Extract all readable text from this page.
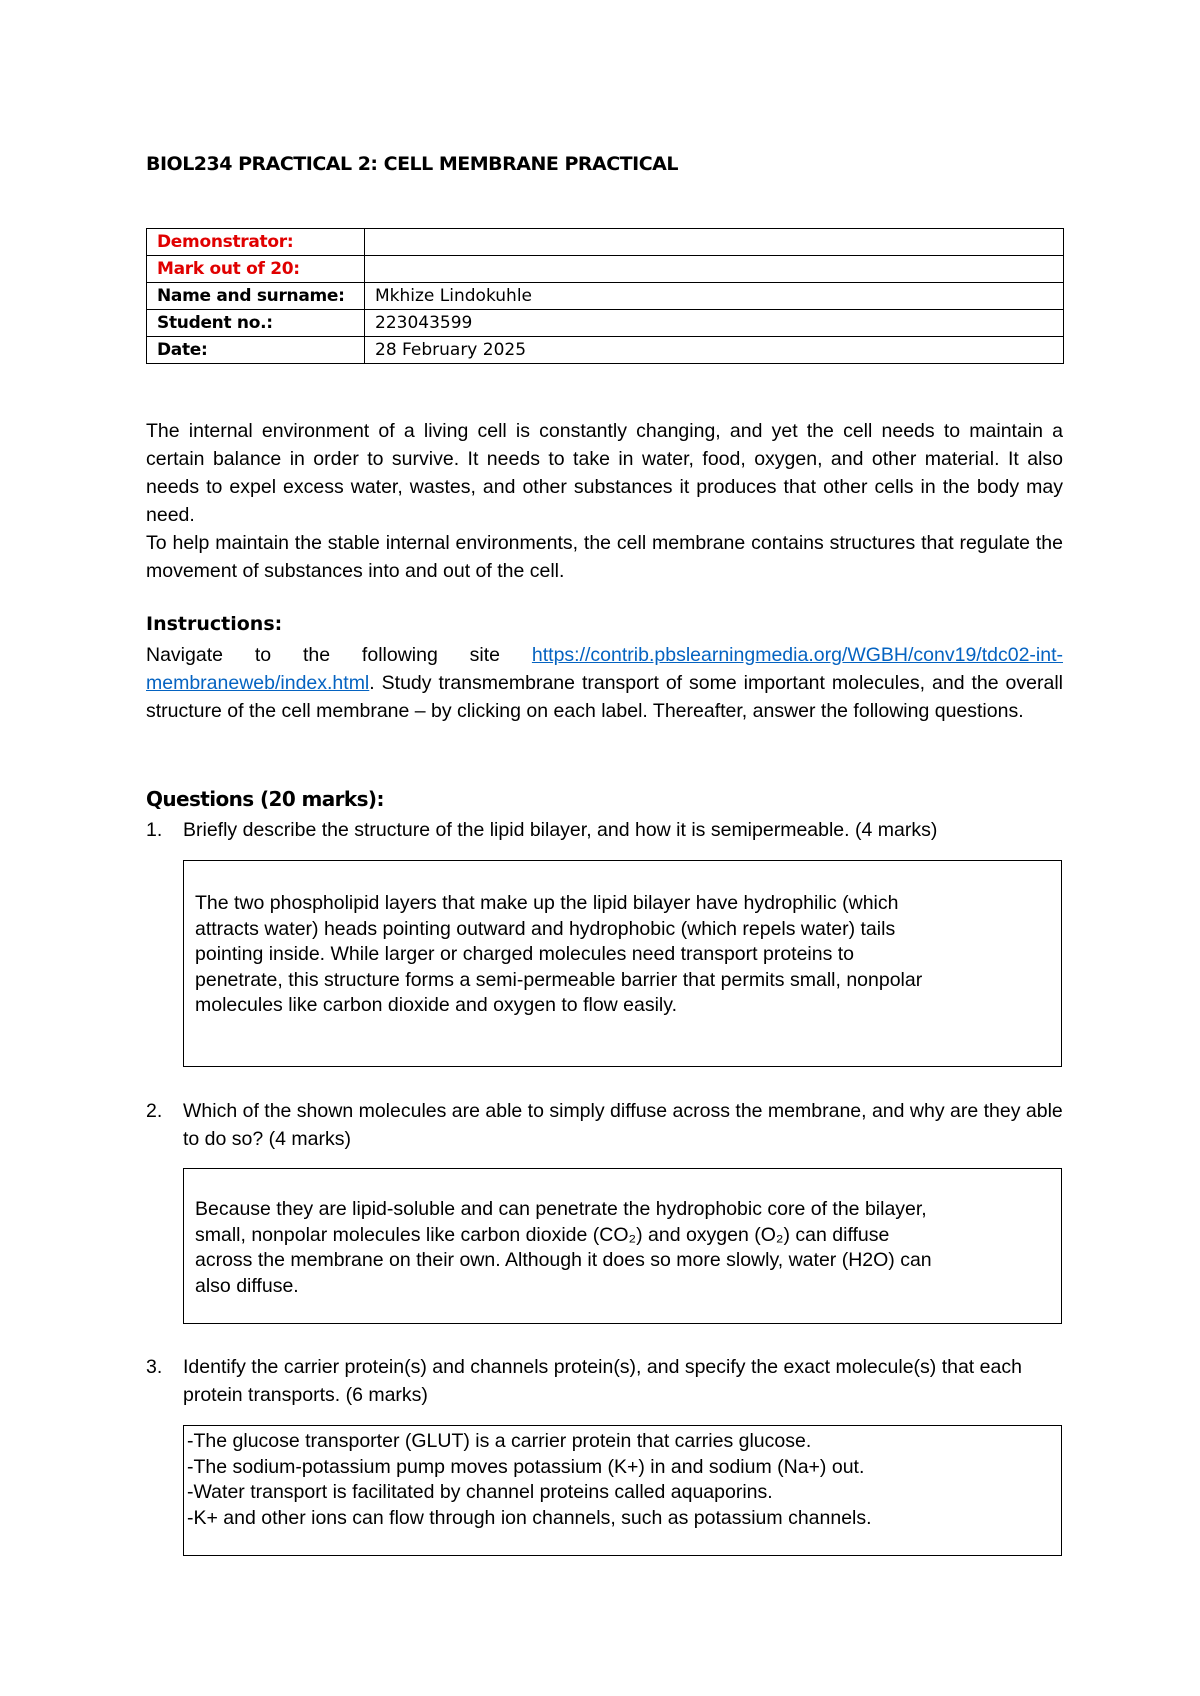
BIOL234 PRACTICAL 2: CELL MEMBRANE PRACTICAL
Demonstrator:	
Mark out of 20:	
Name and surname:	Mkhize Lindokuhle
Student no.:	223043599
Date:	28 February 2025

The internal environment of a living cell is constantly changing, and yet the cell needs to maintain a certain balance in order to survive. It needs to take in water, food, oxygen, and other material. It also needs to expel excess water, wastes, and other substances it produces that other cells in the body may need.

To help maintain the stable internal environments, the cell membrane contains structures that regulate the movement of substances into and out of the cell.

Instructions:

Navigate to the following site https://contrib.pbslearningmedia.org/WGBH/conv19/tdc02-int-membraneweb/index.html. Study transmembrane transport of some important molecules, and the overall structure of the cell membrane – by clicking on each label. Thereafter, answer the following questions.

Questions (20 marks):

1. Briefly describe the structure of the lipid bilayer, and how it is semipermeable. (4 marks)
The two phospholipid layers that make up the lipid bilayer have hydrophilic (which
attracts water) heads pointing outward and hydrophobic (which repels water) tails
pointing inside. While larger or charged molecules need transport proteins to
penetrate, this structure forms a semi-permeable barrier that permits small, nonpolar
molecules like carbon dioxide and oxygen to flow easily.
2. Which of the shown molecules are able to simply diffuse across the membrane, and why are they able to do so? (4 marks)
Because they are lipid-soluble and can penetrate the hydrophobic core of the bilayer,
small, nonpolar molecules like carbon dioxide (CO₂) and oxygen (O₂) can diffuse
across the membrane on their own. Although it does so more slowly, water (H2O) can
also diffuse.
3. Identify the carrier protein(s) and channels protein(s), and specify the exact molecule(s) that each protein transports. (6 marks)
-The glucose transporter (GLUT) is a carrier protein that carries glucose.
-The sodium-potassium pump moves potassium (K+) in and sodium (Na+) out.
-Water transport is facilitated by channel proteins called aquaporins.
-K+ and other ions can flow through ion channels, such as potassium channels.
